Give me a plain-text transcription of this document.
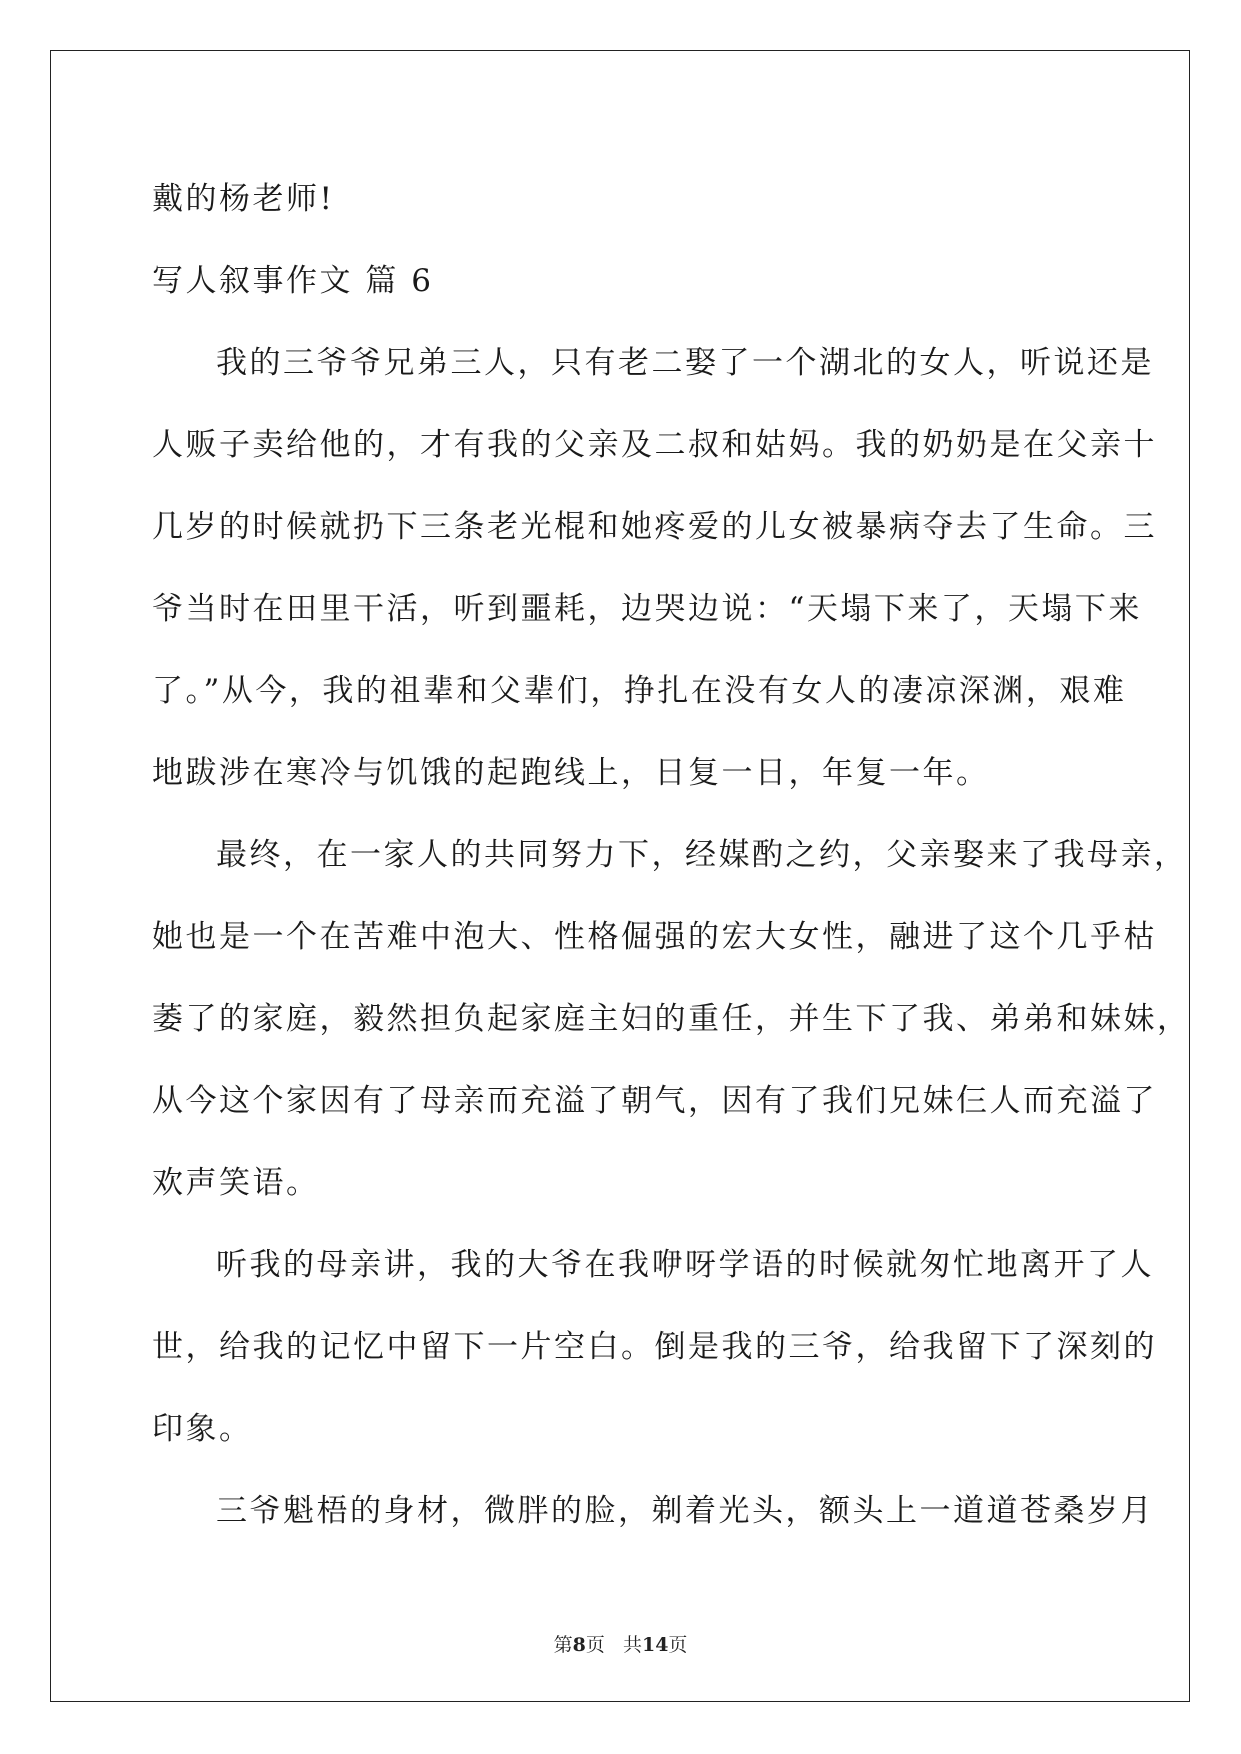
戴的杨老师!
写人叙事作文 篇 6
我的三爷爷兄弟三人，只有老二娶了一个湖北的女人，听说还是
人贩子卖给他的，才有我的父亲及二叔和姑妈。我的奶奶是在父亲十
几岁的时候就扔下三条老光棍和她疼爱的儿女被暴病夺去了生命。三
爷当时在田里干活，听到噩耗，边哭边说：“天塌下来了，天塌下来
了。”从今，我的祖辈和父辈们，挣扎在没有女人的凄凉深渊，艰难
地跋涉在寒冷与饥饿的起跑线上，日复一日，年复一年。
最终，在一家人的共同努力下，经媒酌之约，父亲娶来了我母亲，
她也是一个在苦难中泡大、性格倔强的宏大女性，融进了这个几乎枯
萎了的家庭，毅然担负起家庭主妇的重任，并生下了我、弟弟和妹妹，
从今这个家因有了母亲而充溢了朝气，因有了我们兄妹仨人而充溢了
欢声笑语。
听我的母亲讲，我的大爷在我咿呀学语的时候就匆忙地离开了人
世，给我的记忆中留下一片空白。倒是我的三爷，给我留下了深刻的
印象。
三爷魁梧的身材，微胖的脸，剃着光头，额头上一道道苍桑岁月
第8页 共14页
